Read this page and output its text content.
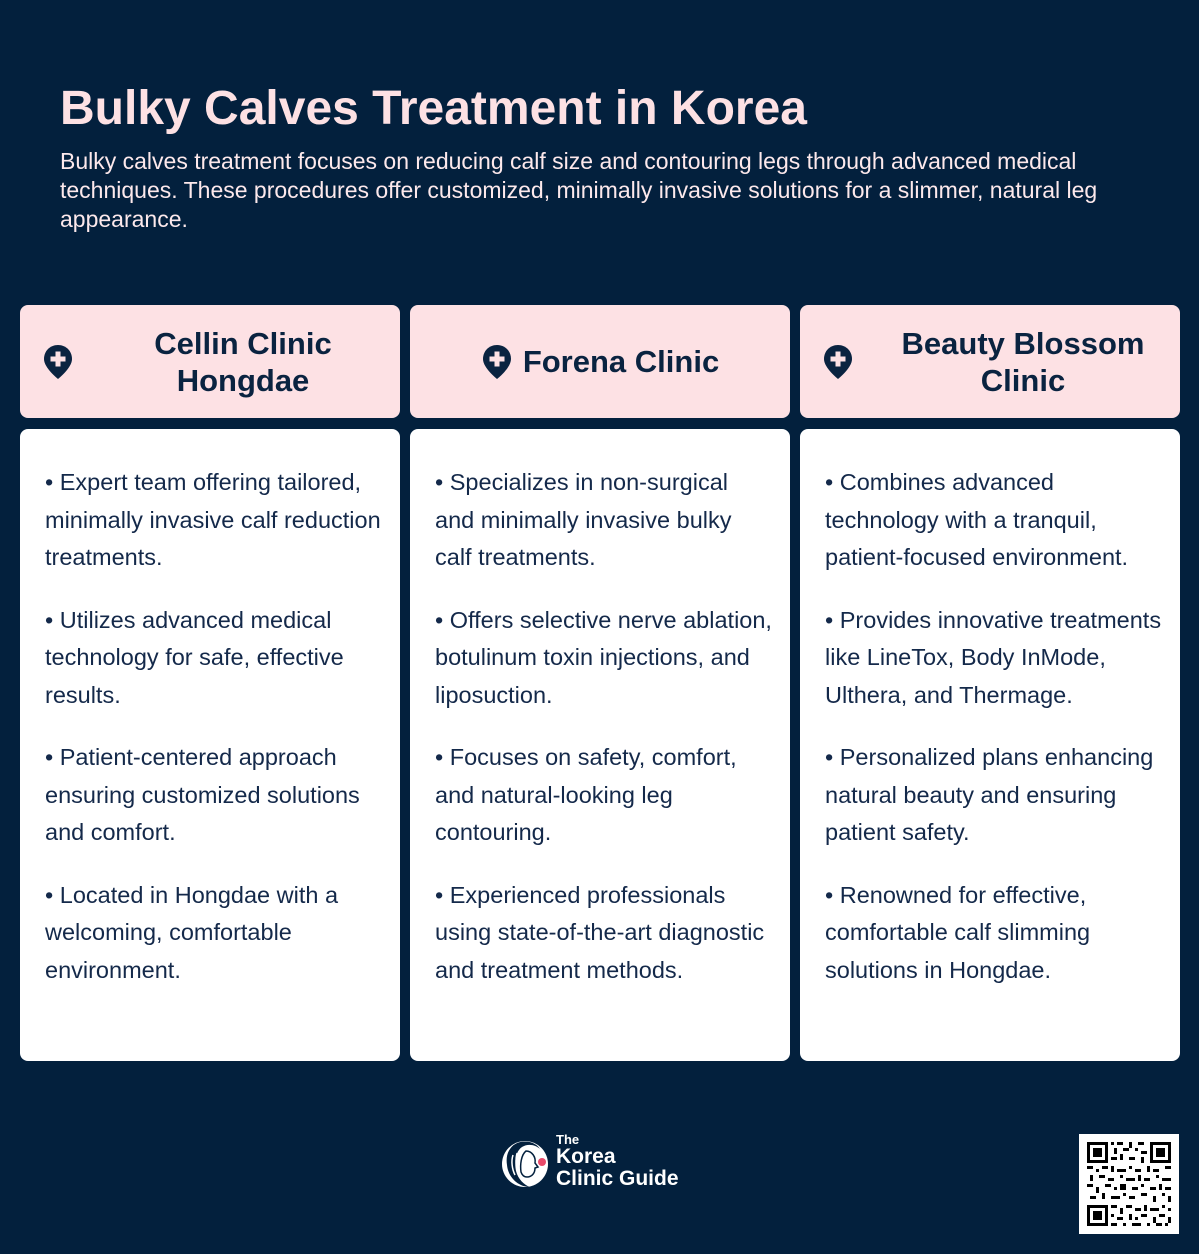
Bulky Calves Treatment in Korea

Bulky calves treatment focuses on reducing calf size and contouring legs through advanced medical techniques. These procedures offer customized, minimally invasive solutions for a slimmer, natural leg appearance.

Cellin Clinic Hongdae
• Expert team offering tailored, minimally invasive calf reduction treatments.
• Utilizes advanced medical technology for safe, effective results.
• Patient-centered approach ensuring customized solutions and comfort.
• Located in Hongdae with a welcoming, comfortable environment.
Forena Clinic
• Specializes in non-surgical and minimally invasive bulky calf treatments.
• Offers selective nerve ablation, botulinum toxin injections, and liposuction.
• Focuses on safety, comfort, and natural-looking leg contouring.
• Experienced professionals using state-of-the-art diagnostic and treatment methods.
Beauty Blossom Clinic
• Combines advanced technology with a tranquil, patient-focused environment.
• Provides innovative treatments like LineTox, Body InMode, Ulthera, and Thermage.
• Personalized plans enhancing natural beauty and ensuring patient safety.
• Renowned for effective, comfortable calf slimming solutions in Hongdae.
The
Korea
Clinic Guide
